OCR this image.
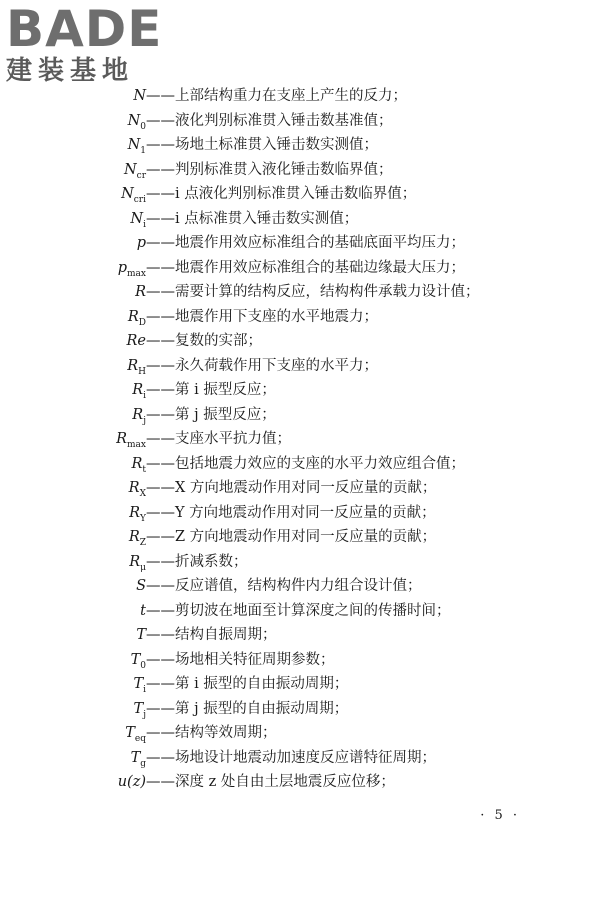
BADE
建装基地
N ——上部结构重力在支座上产生的反力；
$N_0$ ——液化判别标准贯入锤击数基准值；
$N_1$ ——场地土标准贯入锤击数实测值；
$N_{cr}$ ——判别标准贯入液化锤击数临界值；
$N_{cri}$ ——i 点液化判别标准贯入锤击数临界值；
$N_i$ ——i 点标准贯入锤击数实测值；
p ——地震作用效应标准组合的基础底面平均压力；
$p_{max}$ ——地震作用效应标准组合的基础边缘最大压力；
R ——需要计算的结构反应，结构构件承载力设计值；
$R_D$ ——地震作用下支座的水平地震力；
Re ——复数的实部；
$R_H$ ——永久荷载作用下支座的水平力；
$R_i$ ——第 i 振型反应；
$R_j$ ——第 j 振型反应；
$R_{max}$ ——支座水平抗力值；
$R_t$ ——包括地震力效应的支座的水平力效应组合值；
$R_X$ ——X 方向地震动作用对同一反应量的贡献；
$R_Y$ ——Y 方向地震动作用对同一反应量的贡献；
$R_Z$ ——Z 方向地震动作用对同一反应量的贡献；
$R_\mu$ ——折减系数；
S ——反应谱值，结构构件内力组合设计值；
t ——剪切波在地面至计算深度之间的传播时间；
T ——结构自振周期；
$T_0$ ——场地相关特征周期参数；
$T_i$ ——第 i 振型的自由振动周期；
$T_j$ ——第 j 振型的自由振动周期；
$T_{eq}$ ——结构等效周期；
$T_g$ ——场地设计地震动加速度反应谱特征周期；
u(z) ——深度 z 处自由土层地震反应位移；
· 5 ·
